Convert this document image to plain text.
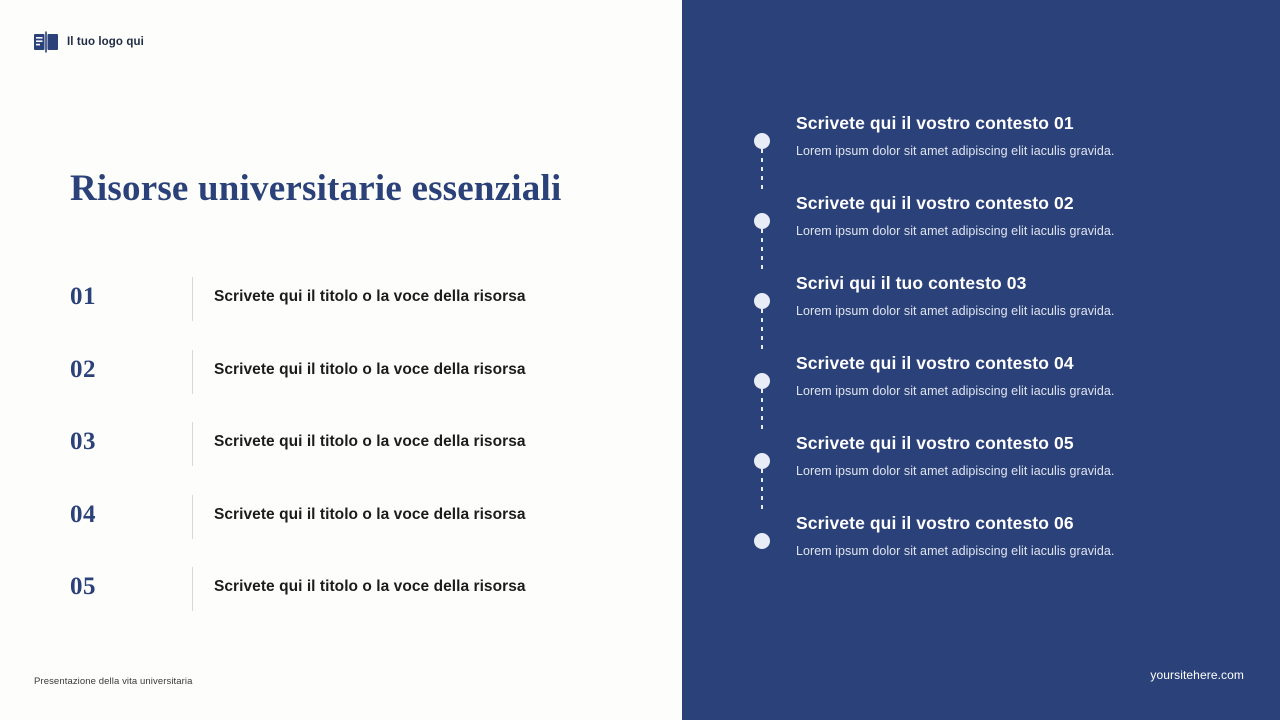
Il tuo logo qui
Risorse universitarie essenziali
01	Scrivete qui il titolo o la voce della risorsa
02	Scrivete qui il titolo o la voce della risorsa
03	Scrivete qui il titolo o la voce della risorsa
04	Scrivete qui il titolo o la voce della risorsa
05	Scrivete qui il titolo o la voce della risorsa
Presentazione della vita universitaria

Scrivete qui il vostro contesto 01

Lorem ipsum dolor sit amet adipiscing elit iaculis gravida.

Scrivete qui il vostro contesto 02

Lorem ipsum dolor sit amet adipiscing elit iaculis gravida.

Scrivi qui il tuo contesto 03

Lorem ipsum dolor sit amet adipiscing elit iaculis gravida.

Scrivete qui il vostro contesto 04

Lorem ipsum dolor sit amet adipiscing elit iaculis gravida.

Scrivete qui il vostro contesto 05

Lorem ipsum dolor sit amet adipiscing elit iaculis gravida.

Scrivete qui il vostro contesto 06

Lorem ipsum dolor sit amet adipiscing elit iaculis gravida.

yoursitehere.com
